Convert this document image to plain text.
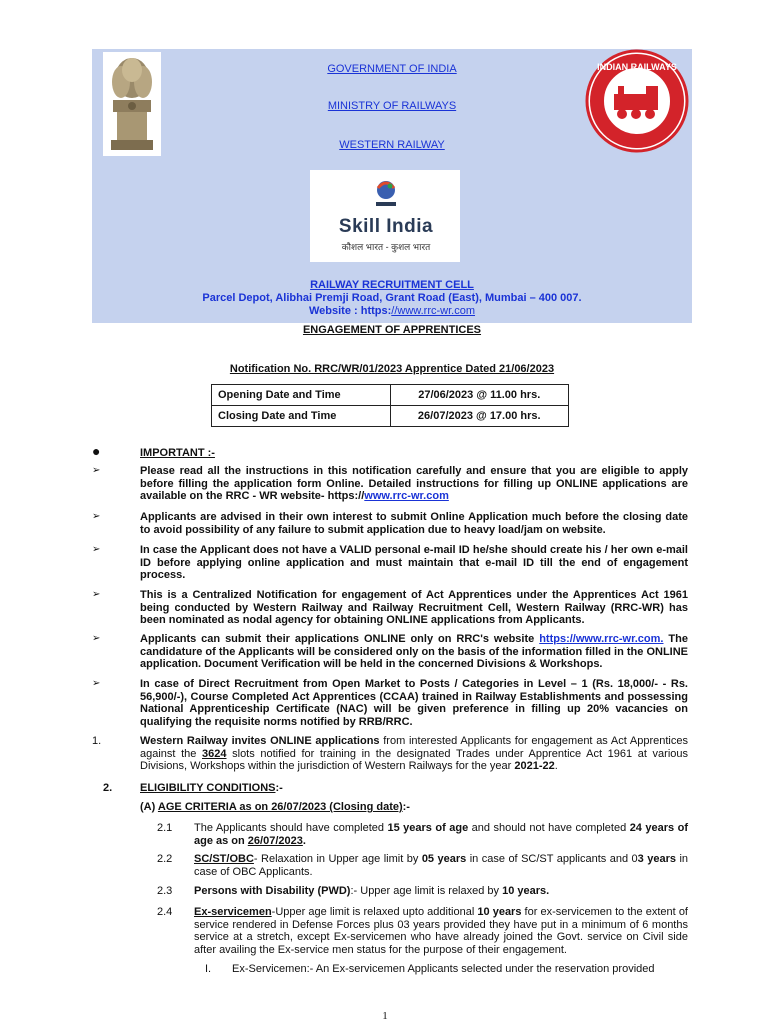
INDIAN RAILWAYS
GOVERNMENT OF INDIA
MINISTRY OF RAILWAYS
WESTERN RAILWAY
Skill India
कौशल भारत - कुशल भारत
RAILWAY RECRUITMENT CELL
Parcel Depot, Alibhai Premji Road, Grant Road (East), Mumbai – 400 007.
Website : https://www.rrc-wr.com
ENGAGEMENT OF APPRENTICES
Notification No. RRC/WR/01/2023 Apprentice Dated 21/06/2023
Opening Date and Time	27/06/2023 @ 11.00 hrs.
Closing Date and Time	26/07/2023 @ 17.00 hrs.
●	IMPORTANT :-
➢	Please read all the instructions in this notification carefully and ensure that you are eligible to apply before filling the application form Online. Detailed instructions for filling up ONLINE applications are available on the RRC - WR website- https://www.rrc-wr.com
➢	Applicants are advised in their own interest to submit Online Application much before the closing date to avoid possibility of any failure to submit application due to heavy load/jam on website.
➢	In case the Applicant does not have a VALID personal e-mail ID he/she should create his / her own e-mail ID before applying online application and must maintain that e-mail ID till the end of engagement process.
➢	This is a Centralized Notification for engagement of Act Apprentices under the Apprentices Act 1961 being conducted by Western Railway and Railway Recruitment Cell, Western Railway (RRC-WR) has been nominated as nodal agency for obtaining ONLINE applications from Applicants.
➢	Applicants can submit their applications ONLINE only on RRC's website https://www.rrc-wr.com. The candidature of the Applicants will be considered only on the basis of the information filled in the ONLINE application. Document Verification will be held in the concerned Divisions & Workshops.
➢	In case of Direct Recruitment from Open Market to Posts / Categories in Level – 1 (Rs. 18,000/- - Rs. 56,900/-), Course Completed Act Apprentices (CCAA) trained in Railway Establishments and possessing National Apprenticeship Certificate (NAC) will be given preference in filling up 20% vacancies on qualifying the requisite norms notified by RRB/RRC.
1.	Western Railway invites ONLINE applications from interested Applicants for engagement as Act Apprentices against the 3624 slots notified for training in the designated Trades under Apprentice Act 1961 at various Divisions, Workshops within the jurisdiction of Western Railways for the year 2021-22.
2.	ELIGIBILITY CONDITIONS:-
(A) AGE CRITERIA as on 26/07/2023 (Closing date):-
2.1 The Applicants should have completed 15 years of age and should not have completed 24 years of age as on 26/07/2023.
2.2 SC/ST/OBC- Relaxation in Upper age limit by 05 years in case of SC/ST applicants and 03 years in case of OBC Applicants.
2.3 Persons with Disability (PWD):- Upper age limit is relaxed by 10 years.
2.4 Ex-servicemen-Upper age limit is relaxed upto additional 10 years for ex-servicemen to the extent of service rendered in Defense Forces plus 03 years provided they have put in a minimum of 6 months service at a stretch, except Ex-servicemen who have already joined the Govt. service on Civil side after availing the Ex-service men status for the purpose of their engagement.
I. Ex-Servicemen:- An Ex-servicemen Applicants selected under the reservation provided
1
